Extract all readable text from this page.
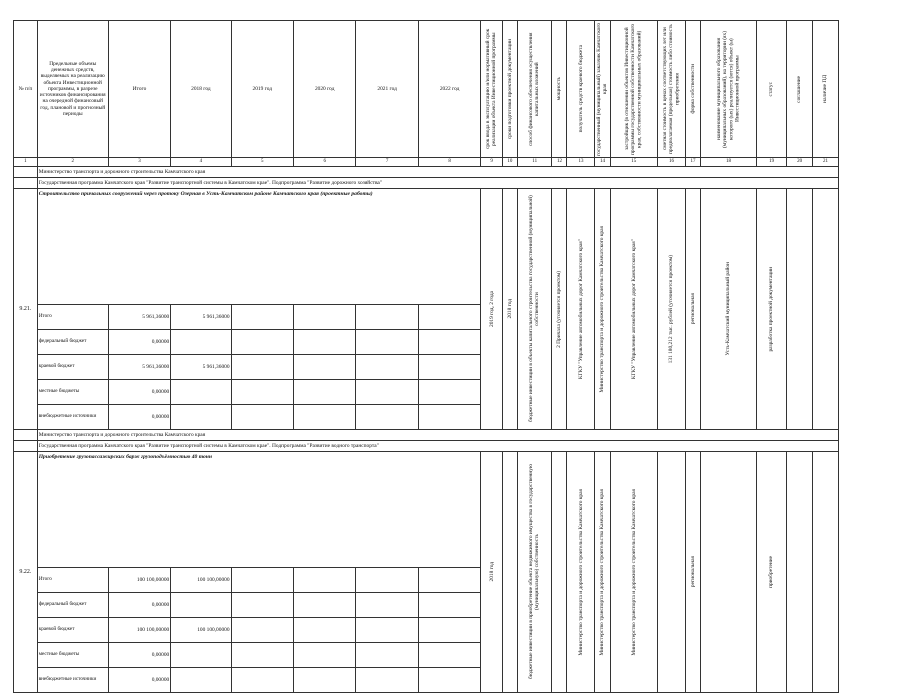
№ п/п	Предельные объемы денежных средств, выделяемых на реализацию объекта Инвестиционной программы, в разрезе источников финансирования на очередной финансовый год, плановой и прогнозный периоды	Итого	2018 год	2019 год	2020 год	2021 год	2022 год	срок ввода в эксплуатацию и/или нормативный срок реализации объекта Инвестиционной программы	сроки подготовки проектной документации	способ финансового обеспечения осуществления капитальных вложений	мощность	получатель средств краевого бюджета	государственный (муниципальный) заказчик Камчатского края	застройщик (в отношении объектов Инвестиционной программы государственной собственности Камчатского края, собственности муниципальных образований)	сметная стоимость в ценах соответствующих лет или предполагаемая (предельная) стоимость либо стоимость приобретения	форма собственности	наименование муниципального образования (муниципальных образований), на территории (ях) которого (ых) реализуется (ются) объект (ы) Инвестиционной программы	статус	соглашение	наличие ПД

1	2	3	4	5	6	7	8	9	10	11	12	13	14	15	16	17	18	19	20	21
	Министерство транспорта и дорожного строительства Камчатского края																			
	Государственная программа Камчатского края "Развитие транспортной системы в Камчатском крае". Подпрограмма "Развитие дорожного хозяйства"																			
9.21.	Строительство причальных сооружений через протоку Озерная в Усть-Камчатском районе Камчатского края (проектные работы)							2019 год, 2 года	2018 год	бюджетные инвестиции в объекты капитального строительства государственной (муниципальной) собственности	2 Причала (уточняется проектом)	КГКУ "Управление автомобильных дорог Камчатского края"	Министерство транспорта и дорожного строительства Камчатского края	КГКУ "Управление автомобильных дорог Камчатского края"	131 180,212 тыс. рублей (уточняется проектом)	региональная	Усть-Камчатский муниципальный район	разработка проектной документации		

	Итого	5 961,36000	5 961,36000																	
	федеральный бюджет	0,00000																		
	краевой бюджет	5 961,36000	5 961,36000																	
	местные бюджеты	0,00000																		
	внебюджетные источники	0,00000																		
	Министерство транспорта и дорожного строительства Камчатского края																			
	Государственная программа Камчатского края "Развитие транспортной системы в Камчатском крае". Подпрограмма "Развитие водного транспорта"																			
9.22.	Приобретение грузопассажирских барж грузоподъёмностью 40 тонн							2018 год		бюджетные инвестиции в приобретение объекта недвижимого имущества в государственную (муниципальную) собственность		Министерство транспорта и дорожного строительства Камчатского края	Министерство транспорта и дорожного строительства Камчатского края	Министерство транспорта и дорожного строительства Камчатского края		региональная		приобретение		

	Итого	100 100,00000	100 100,00000																	
	федеральный бюджет	0,00000																		
	краевой бюджет	100 100,00000	100 100,00000																	
	местные бюджеты	0,00000																		
	внебюджетные источники	0,00000																		
